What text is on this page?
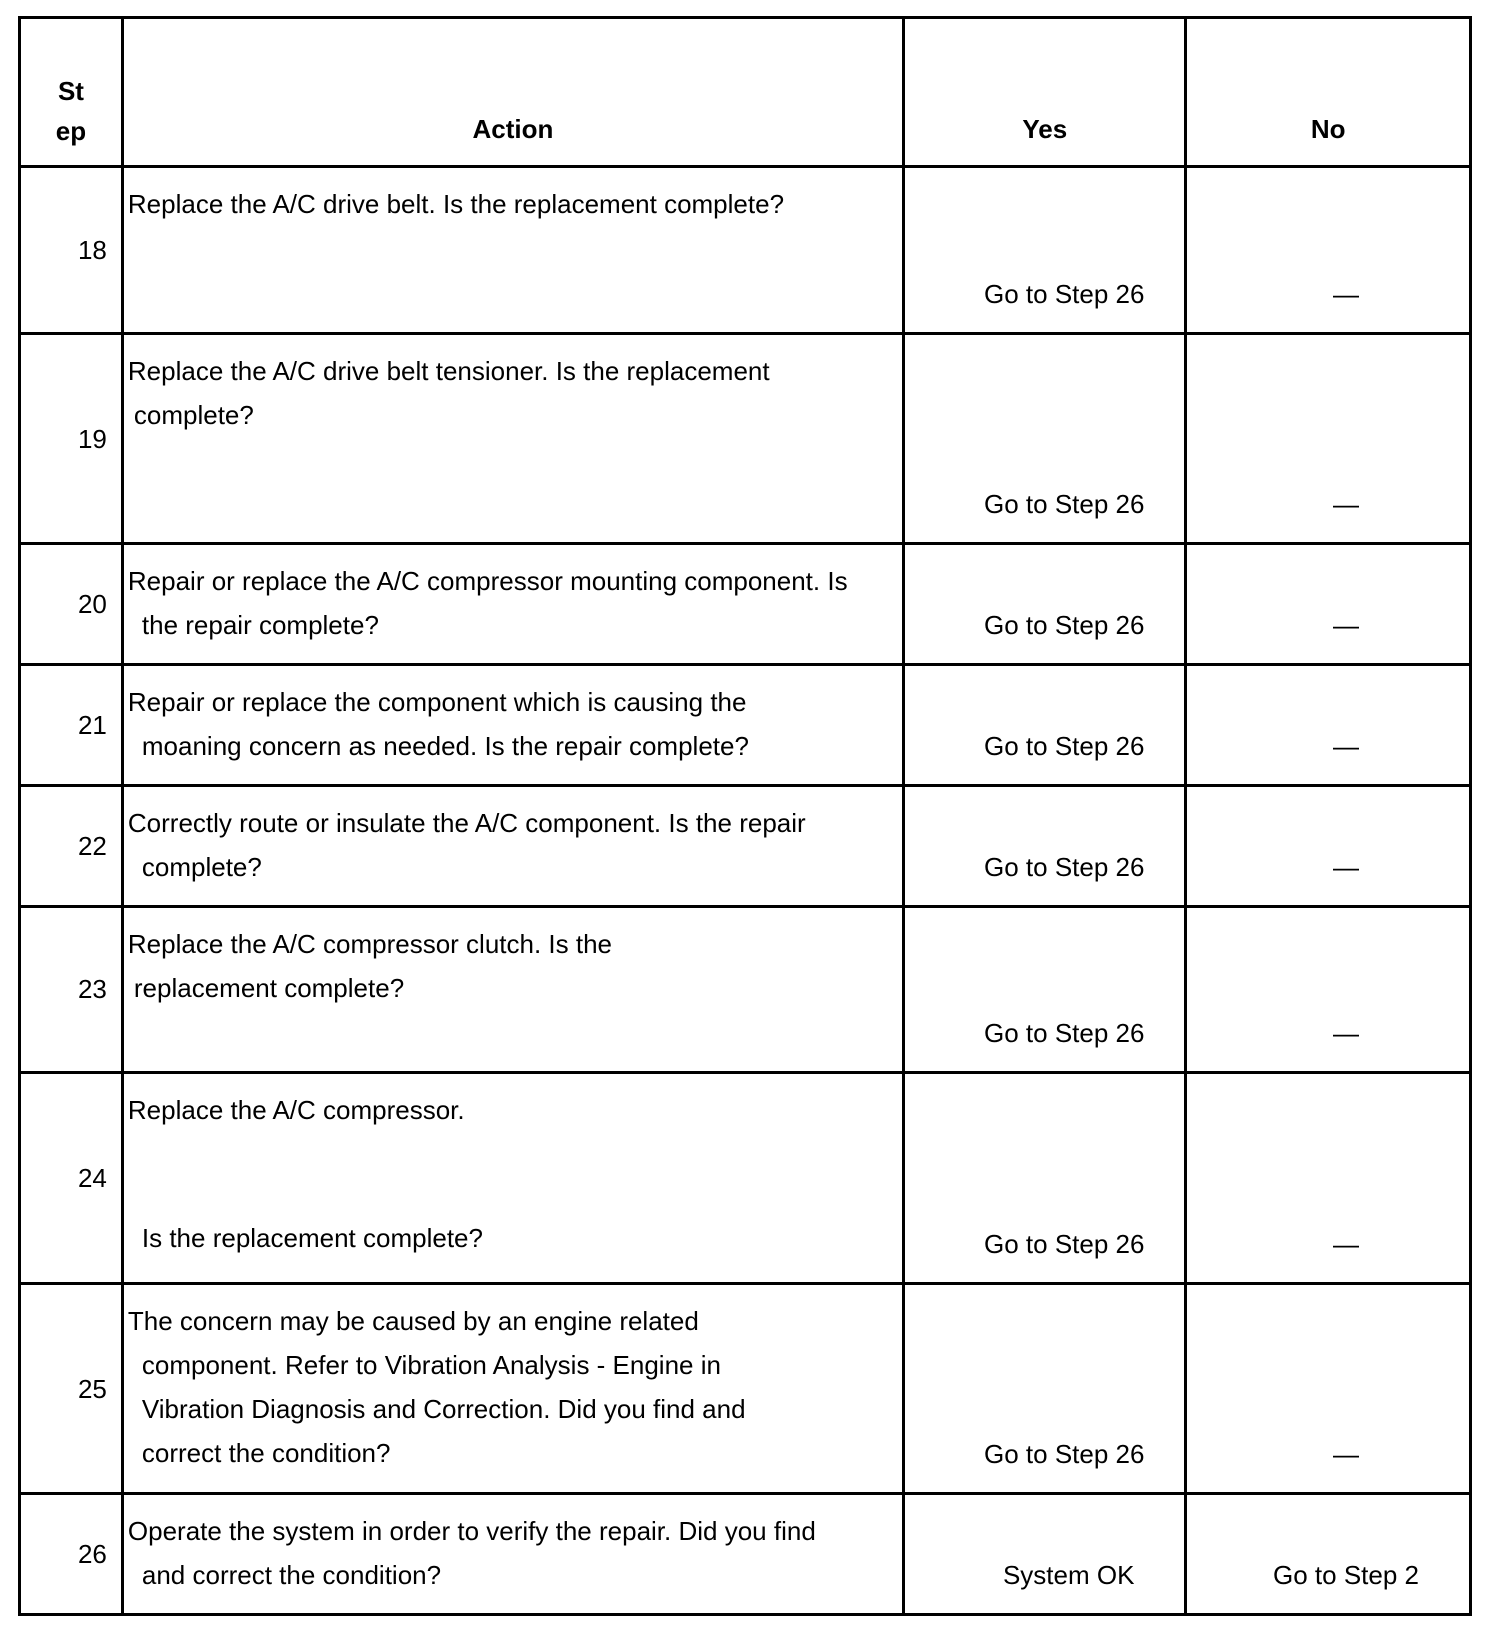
St
ep	Action	Yes	No
18	Replace the A/C drive belt. Is the replacement complete?	Go to Step 26	—
19	Replace the A/C drive belt tensioner. Is the replacement
complete?	Go to Step 26	—
20	Repair or replace the A/C compressor mounting component. Is
the repair complete?	Go to Step 26	—
21	Repair or replace the component which is causing the
moaning concern as needed. Is the repair complete?	Go to Step 26	—
22	Correctly route or insulate the A/C component. Is the repair
complete?	Go to Step 26	—
23	Replace the A/C compressor clutch. Is the
replacement complete?	Go to Step 26	—
24	Replace the A/C compressor.
Is the replacement complete?	Go to Step 26	—
25	The concern may be caused by an engine related
component. Refer to Vibration Analysis - Engine in
Vibration Diagnosis and Correction. Did you find and
correct the condition?	Go to Step 26	—
26	Operate the system in order to verify the repair. Did you find
and correct the condition?	System OK	Go to Step 2
